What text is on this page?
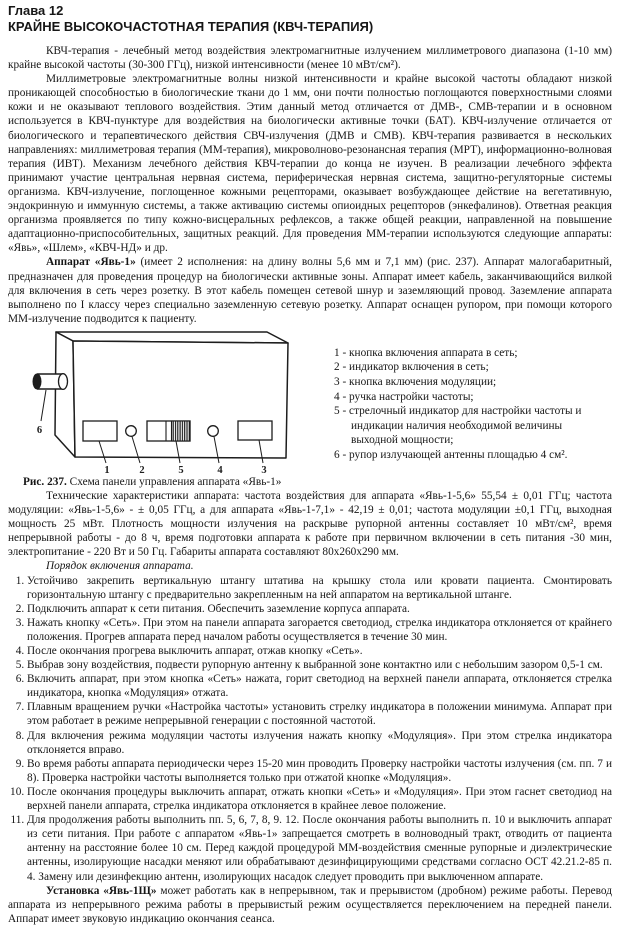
Глава 12
КРАЙНЕ ВЫСОКОЧАСТОТНАЯ ТЕРАПИЯ (КВЧ-ТЕРАПИЯ)

КВЧ-терапия - лечебный метод воздействия электромагнитные излучением миллиметрового диапазона (1-10 мм) крайне высокой частоты (30-300 ГГц), низкой интенсивности (менее 10 мВт/см²).

Миллиметровые электромагнитные волны низкой интенсивности и крайне высокой частоты обладают низкой проникающей способностью в биологические ткани до 1 мм, они почти полностью поглощаются поверхностными слоями кожи и не оказывают теплового воздействия. Этим данный метод отличается от ДМВ-, СМВ-терапии и в основном используется в КВЧ-пунктуре для воздействия на биологически активные точки (БАТ). КВЧ-излучение отличается от биологического и терапевтического действия СВЧ-излучения (ДМВ и СМВ). КВЧ-терапия развивается в нескольких направлениях: миллиметровая терапия (ММ-терапия), микроволново-резонансная терапия (МРТ), информационно-волновая терапия (ИВТ). Механизм лечебного действия КВЧ-терапии до конца не изучен. В реализации лечебного эффекта принимают участие центральная нервная система, периферическая нервная система, защитно-регуляторные системы организма. КВЧ-излучение, поглощенное кожными рецепторами, оказывает возбуждающее действие на вегетативную, эндокринную и иммунную системы, а также активацию системы опиоидных рецепторов (энкефалинов). Ответная реакция организма проявляется по типу кожно-висцеральных рефлексов, а также общей реакции, направленной на повышение адаптационно-приспособительных, защитных реакций. Для проведения ММ-терапии используются следующие аппараты: «Явь», «Шлем», «КВЧ-НД» и др.

Аппарат «Явь-1» (имеет 2 исполнения: на длину волны 5,6 мм и 7,1 мм) (рис. 237). Аппарат малогабаритный, предназначен для проведения процедур на биологически активные зоны. Аппарат имеет кабель, заканчивающийся вилкой для включения в сеть через розетку. В этот кабель помещен сетевой шнур и заземляющий провод. Заземление аппарата выполнено по I классу через специально заземленную сетевую розетку. Аппарат оснащен рупором, при помощи которого ММ-излучение подводится к пациенту.

6
1	2	5	4	3
1 - кнопка включения аппарата в сеть;
2 - индикатор включения в сеть;
3 - кнопка включения модуляции;
4 - ручка настройки частоты;
5 - стрелочный индикатор для настройки частоты и индикации наличия необходимой величины выходной мощности;
6 - рупор излучающей антенны площадью 4 см².
Рис. 237. Схема панели управления аппарата «Явь-1»

Технические характеристики аппарата: частота воздействия для аппарата «Явь-1-5,6» 55,54 ± 0,01 ГГц; частота модуляции: «Явь-1-5,6» - ± 0,05 ГГц, а для аппарата «Явь-1-7,1» - 42,19 ± 0,01; частота модуляции ±0,1 ГГц, выходная мощность 25 мВт. Плотность мощности излучения на раскрыве рупорной антенны составляет 10 мВт/см², время непрерывной работы - до 8 ч, время подготовки аппарата к работе при первичном включении в сеть питания -30 мин, электропитание - 220 Вт и 50 Гц. Габариты аппарата составляют 80х260х290 мм.

Порядок включения аппарата.

1. Устойчиво закрепить вертикальную штангу штатива на крышку стола или кровати пациента. Смонтировать горизонтальную штангу с предварительно закрепленным на ней аппаратом на вертикальной штанге.
2. Подключить аппарат к сети питания. Обеспечить заземление корпуса аппарата.
3. Нажать кнопку «Сеть». При этом на панели аппарата загорается светодиод, стрелка индикатора отклоняется от крайнего положения. Прогрев аппарата перед началом работы осуществляется в течение 30 мин.
4. После окончания прогрева выключить аппарат, отжав кнопку «Сеть».
5. Выбрав зону воздействия, подвести рупорную антенну к выбранной зоне контактно или с небольшим зазором 0,5-1 см.
6. Включить аппарат, при этом кнопка «Сеть» нажата, горит светодиод на верхней панели аппарата, отклоняется стрелка индикатора, кнопка «Модуляция» отжата.
7. Плавным вращением ручки «Настройка частоты» установить стрелку индикатора в положении минимума. Аппарат при этом работает в режиме непрерывной генерации с постоянной частотой.
8. Для включения режима модуляции частоты излучения нажать кнопку «Модуляция». При этом стрелка индикатора отклоняется вправо.
9. Во время работы аппарата периодически через 15-20 мин проводить Проверку настройки частоты излучения (см. пп. 7 и 8). Проверка настройки частоты выполняется только при отжатой кнопке «Модуляция».
10. После окончания процедуры выключить аппарат, отжать кнопки «Сеть» и «Модуляция». При этом гаснет светодиод на верхней панели аппарата, стрелка индикатора отклоняется в крайнее левое положение.
11. Для продолжения работы выполнить пп. 5, 6, 7, 8, 9. 12. После окончания работы выполнить п. 10 и выключить аппарат из сети питания. При работе с аппаратом «Явь-1» запрещается смотреть в волноводный тракт, отводить от пациента антенну на расстояние более 10 см. Перед каждой процедурой ММ-воздействия сменные рупорные и диэлектрические антенны, изолирующие насадки меняют или обрабатывают дезинфицирующими средствами согласно ОСТ 42.21.2-85 п. 4. Замену или дезинфекцию антенн, изолирующих насадок следует проводить при выключенном аппарате.

Установка «Явь-1Щ» может работать как в непрерывном, так и прерывистом (дробном) режиме работы. Перевод аппарата из непрерывного режима работы в прерывистый режим осуществляется переключением на передней панели. Аппарат имеет звуковую индикацию окончания сеанса.
